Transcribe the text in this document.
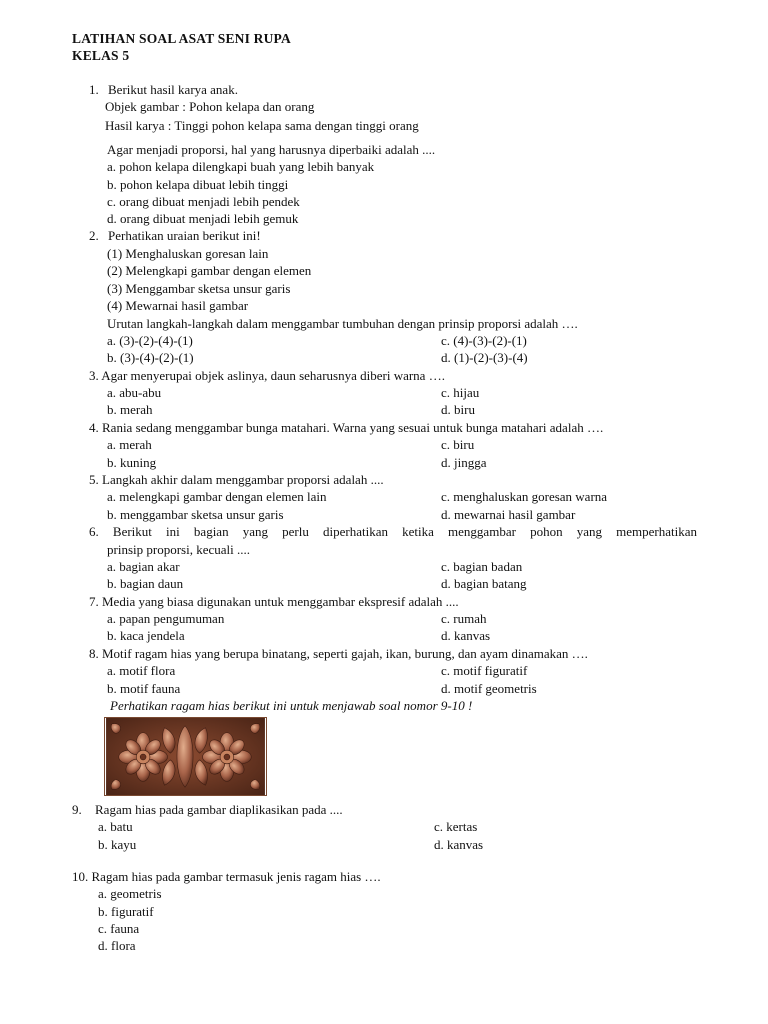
LATIHAN SOAL ASAT SENI RUPA
KELAS 5
1. Berikut hasil karya anak.
Objek gambar : Pohon kelapa dan orang
Hasil karya : Tinggi pohon kelapa sama dengan tinggi orang
Agar menjadi proporsi, hal yang harusnya diperbaiki adalah ....
a. pohon kelapa dilengkapi buah yang lebih banyak
b. pohon kelapa dibuat lebih tinggi
c. orang dibuat menjadi lebih pendek
d. orang dibuat menjadi lebih gemuk
2. Perhatikan uraian berikut ini!
(1) Menghaluskan goresan lain
(2) Melengkapi gambar dengan elemen
(3) Menggambar sketsa unsur garis
(4) Mewarnai hasil gambar
Urutan langkah-langkah dalam menggambar tumbuhan dengan prinsip proporsi adalah ….
a. (3)-(2)-(4)-(1)	c. (4)-(3)-(2)-(1)
b. (3)-(4)-(2)-(1)	d. (1)-(2)-(3)-(4)
3. Agar menyerupai objek aslinya, daun seharusnya diberi warna ….
a. abu-abu	c. hijau
b. merah	d. biru
4. Rania sedang menggambar bunga matahari. Warna yang sesuai untuk bunga matahari adalah ….
a. merah	c. biru
b. kuning	d. jingga
5. Langkah akhir dalam menggambar proporsi adalah ....
a. melengkapi gambar dengan elemen lain	c. menghaluskan goresan warna
b. menggambar sketsa unsur garis	d. mewarnai hasil gambar
6. Berikut ini bagian yang perlu diperhatikan ketika menggambar pohon yang memperhatikan
prinsip proporsi, kecuali ....
a. bagian akar	c. bagian badan
b. bagian daun	d. bagian batang
7. Media yang biasa digunakan untuk menggambar ekspresif adalah ....
a. papan pengumuman	c. rumah
b. kaca jendela	d. kanvas
8. Motif ragam hias yang berupa binatang, seperti gajah, ikan, burung, dan ayam dinamakan ….
a. motif flora	c. motif figuratif
b. motif fauna	d. motif geometris
Perhatikan ragam hias berikut ini untuk menjawab soal nomor 9-10 !
9. Ragam hias pada gambar diaplikasikan pada ....
a. batu	c. kertas
b. kayu	d. kanvas
10. Ragam hias pada gambar termasuk jenis ragam hias ….
a. geometris
b. figuratif
c. fauna
d. flora
